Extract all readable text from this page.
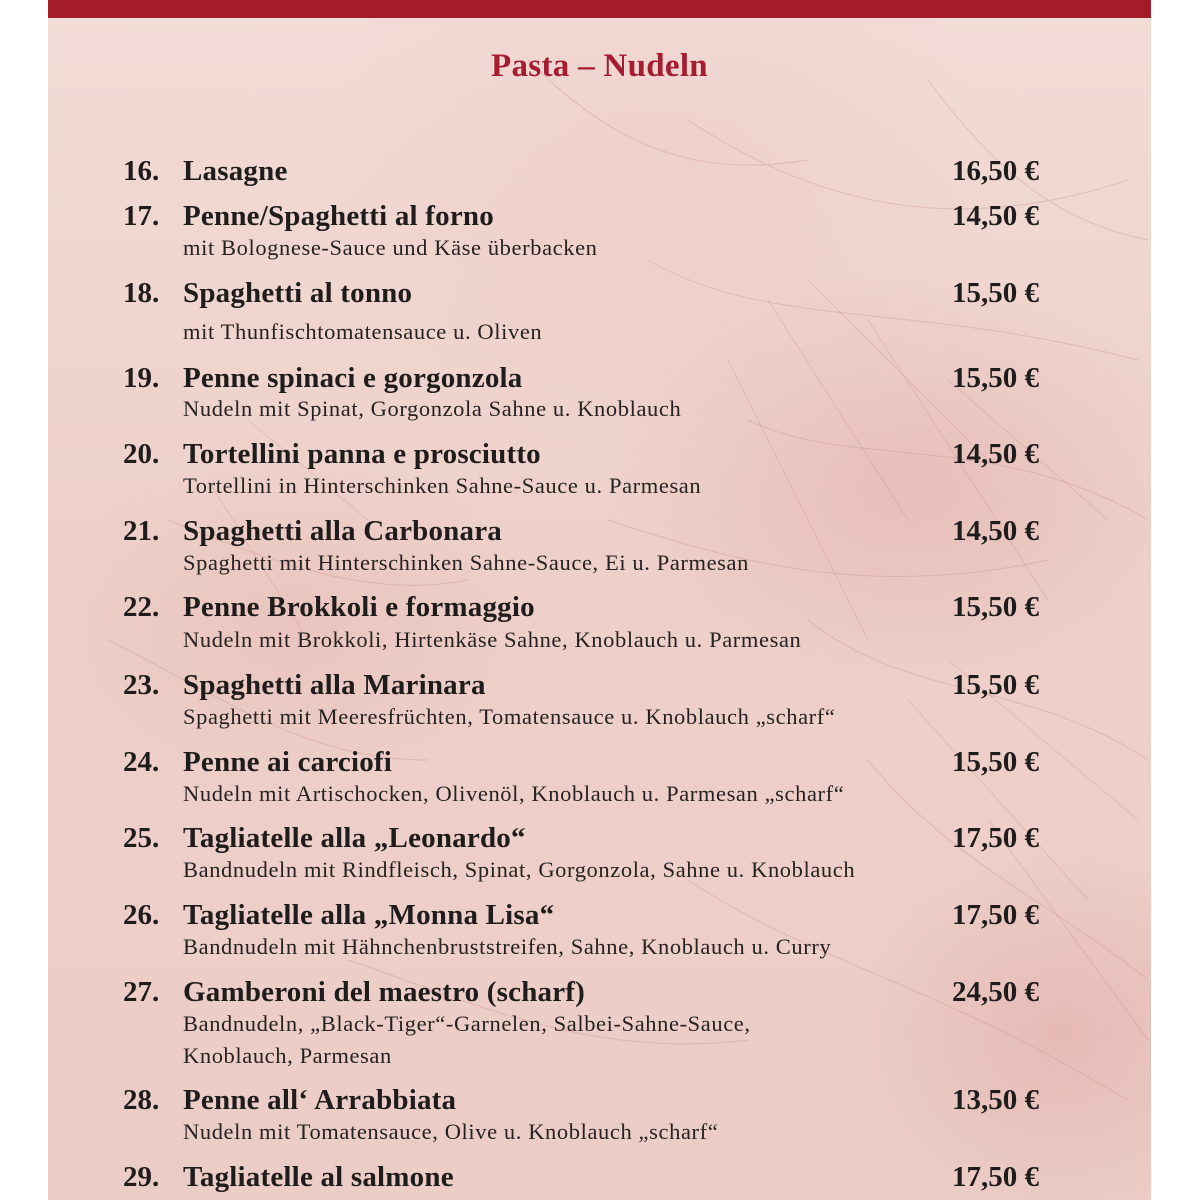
Pasta – Nudeln
16. Lasagne	16,50 €
17. Penne/Spaghetti al forno	14,50 €
mit Bolognese-Sauce und Käse überbacken
18. Spaghetti al tonno	15,50 €
mit Thunfischtomatensauce u. Oliven
19. Penne spinaci e gorgonzola	15,50 €
Nudeln mit Spinat, Gorgonzola Sahne u. Knoblauch
20. Tortellini panna e prosciutto	14,50 €
Tortellini in Hinterschinken Sahne-Sauce u. Parmesan
21. Spaghetti alla Carbonara	14,50 €
Spaghetti mit Hinterschinken Sahne-Sauce, Ei u. Parmesan
22. Penne Brokkoli e formaggio	15,50 €
Nudeln mit Brokkoli, Hirtenkäse Sahne, Knoblauch u. Parmesan
23. Spaghetti alla Marinara	15,50 €
Spaghetti mit Meeresfrüchten, Tomatensauce u. Knoblauch „scharf“
24. Penne ai carciofi	15,50 €
Nudeln mit Artischocken, Olivenöl, Knoblauch u. Parmesan „scharf“
25. Tagliatelle alla „Leonardo“	17,50 €
Bandnudeln mit Rindfleisch, Spinat, Gorgonzola, Sahne u. Knoblauch
26. Tagliatelle alla „Monna Lisa“	17,50 €
Bandnudeln mit Hähnchenbruststreifen, Sahne, Knoblauch u. Curry
27. Gamberoni del maestro (scharf)	24,50 €
Bandnudeln, „Black-Tiger“-Garnelen, Salbei-Sahne-Sauce,
Knoblauch, Parmesan
28. Penne all‘ Arrabbiata	13,50 €
Nudeln mit Tomatensauce, Olive u. Knoblauch „scharf“
29. Tagliatelle al salmone	17,50 €
